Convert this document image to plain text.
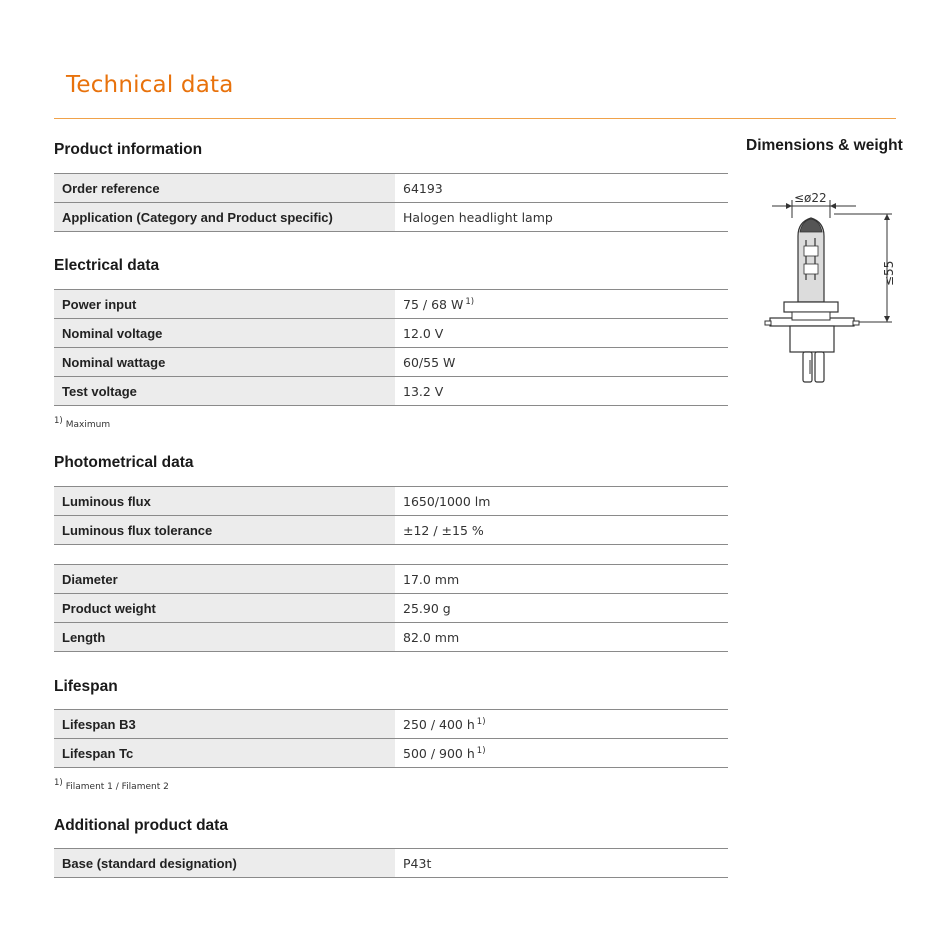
Technical data
Product information
Order reference	64193
Application (Category and Product specific)	Halogen headlight lamp
Electrical data
Power input	75 / 68 W $^{1)}$
Nominal voltage	12.0 V
Nominal wattage	60/55 W
Test voltage	13.2 V
$^{1)}$ Maximum
Photometrical data
Luminous flux	1650/1000 lm
Luminous flux tolerance	±12 / ±15 %
Diameter	17.0 mm
Product weight	25.90 g
Length	82.0 mm
Lifespan
Lifespan B3	250 / 400 h $^{1)}$
Lifespan Tc	500 / 900 h $^{1)}$
$^{1)}$ Filament 1 / Filament 2
Additional product data
Base (standard designation)	P43t
Dimensions & weight
≤ø22
≤55
